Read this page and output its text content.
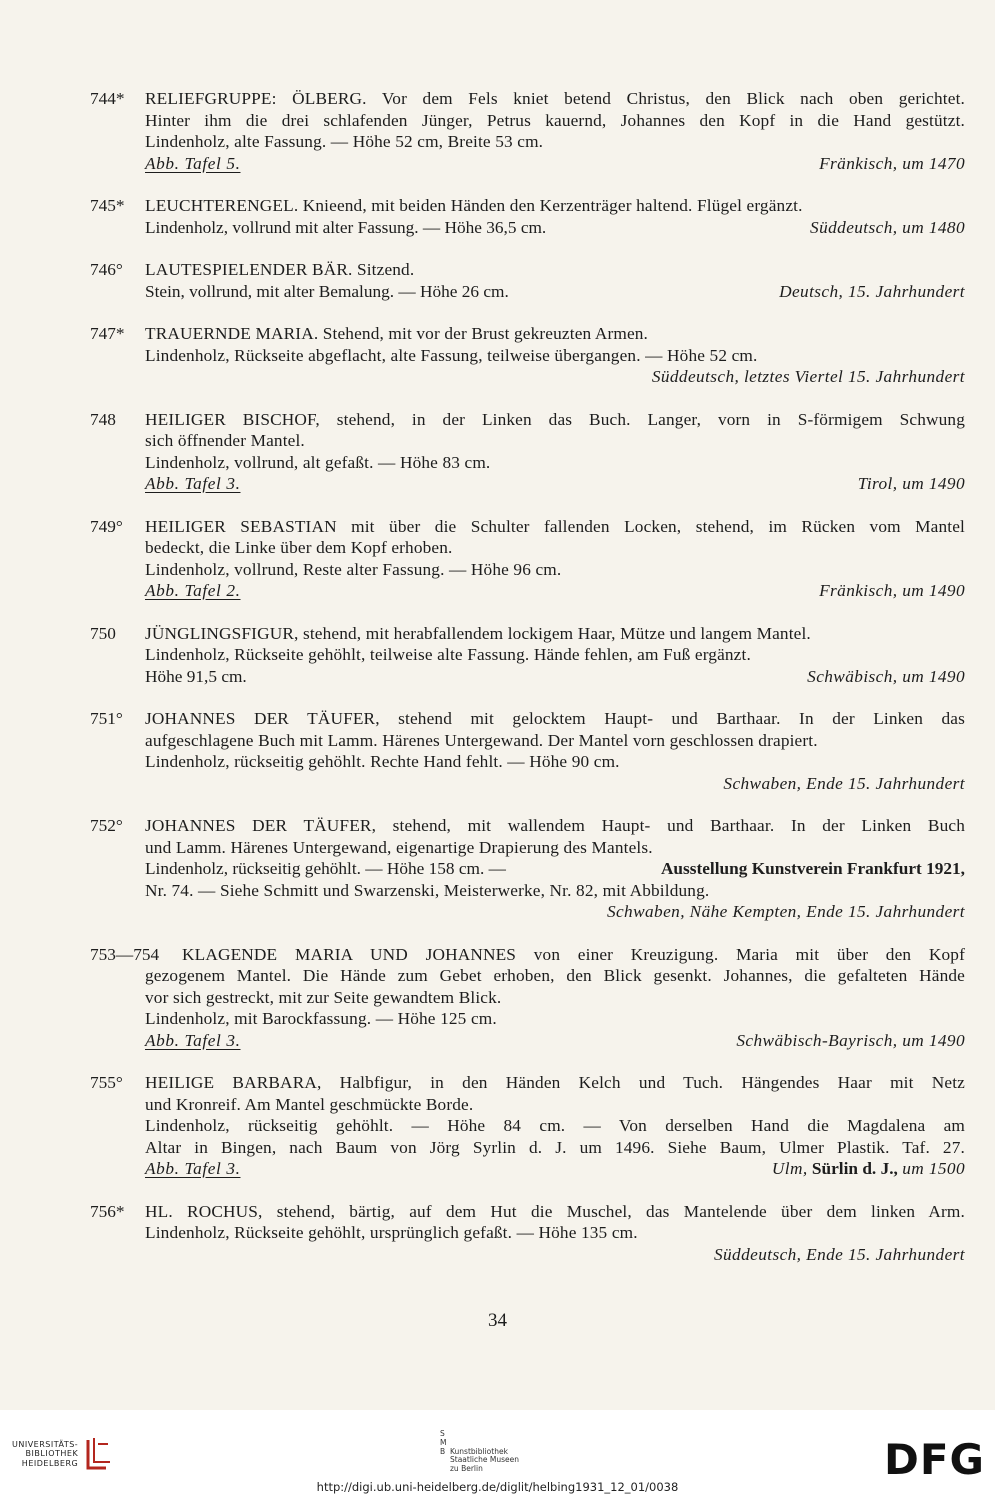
744* RELIEFGRUPPE: ÖLBERG. Vor dem Fels kniet betend Christus, den Blick nach oben gerichtet.
Hinter ihm die drei schlafenden Jünger, Petrus kauernd, Johannes den Kopf in die Hand gestützt.
Lindenholz, alte Fassung. — Höhe 52 cm, Breite 53 cm.
Abb. Tafel 5.	Fränkisch, um 1470
745* LEUCHTERENGEL. Knieend, mit beiden Händen den Kerzenträger haltend. Flügel ergänzt.
Lindenholz, vollrund mit alter Fassung. — Höhe 36,5 cm.	Süddeutsch, um 1480
746° LAUTESPIELENDER BÄR. Sitzend.
Stein, vollrund, mit alter Bemalung. — Höhe 26 cm.	Deutsch, 15. Jahrhundert
747* TRAUERNDE MARIA. Stehend, mit vor der Brust gekreuzten Armen.
Lindenholz, Rückseite abgeflacht, alte Fassung, teilweise übergangen. — Höhe 52 cm.
Süddeutsch, letztes Viertel 15. Jahrhundert
748 HEILIGER BISCHOF, stehend, in der Linken das Buch. Langer, vorn in S-förmigem Schwung
sich öffnender Mantel.
Lindenholz, vollrund, alt gefaßt. — Höhe 83 cm.
Abb. Tafel 3.	Tirol, um 1490
749° HEILIGER SEBASTIAN mit über die Schulter fallenden Locken, stehend, im Rücken vom Mantel
bedeckt, die Linke über dem Kopf erhoben.
Lindenholz, vollrund, Reste alter Fassung. — Höhe 96 cm.
Abb. Tafel 2.	Fränkisch, um 1490
750 JÜNGLINGSFIGUR, stehend, mit herabfallendem lockigem Haar, Mütze und langem Mantel.
Lindenholz, Rückseite gehöhlt, teilweise alte Fassung. Hände fehlen, am Fuß ergänzt.
Höhe 91,5 cm.	Schwäbisch, um 1490
751° JOHANNES DER TÄUFER, stehend mit gelocktem Haupt- und Barthaar. In der Linken das
aufgeschlagene Buch mit Lamm. Härenes Untergewand. Der Mantel vorn geschlossen drapiert.
Lindenholz, rückseitig gehöhlt. Rechte Hand fehlt. — Höhe 90 cm.
Schwaben, Ende 15. Jahrhundert
752° JOHANNES DER TÄUFER, stehend, mit wallendem Haupt- und Barthaar. In der Linken Buch
und Lamm. Härenes Untergewand, eigenartige Drapierung des Mantels.
Lindenholz, rückseitig gehöhlt. — Höhe 158 cm. —	Ausstellung Kunstverein Frankfurt 1921,
Nr. 74. — Siehe Schmitt und Swarzenski, Meisterwerke, Nr. 82, mit Abbildung.
Schwaben, Nähe Kempten, Ende 15. Jahrhundert
753—754 KLAGENDE MARIA UND JOHANNES von einer Kreuzigung. Maria mit über den Kopf
gezogenem Mantel. Die Hände zum Gebet erhoben, den Blick gesenkt. Johannes, die gefalteten Hände
vor sich gestreckt, mit zur Seite gewandtem Blick.
Lindenholz, mit Barockfassung. — Höhe 125 cm.
Abb. Tafel 3.	Schwäbisch-Bayrisch, um 1490
755° HEILIGE BARBARA, Halbfigur, in den Händen Kelch und Tuch. Hängendes Haar mit Netz
und Kronreif. Am Mantel geschmückte Borde.
Lindenholz, rückseitig gehöhlt. — Höhe 84 cm. — Von derselben Hand die Magdalena am
Altar in Bingen, nach Baum von Jörg Syrlin d. J. um 1496. Siehe Baum, Ulmer Plastik. Taf. 27.
Abb. Tafel 3.	Ulm, Sürlin d. J., um 1500
756* HL. ROCHUS, stehend, bärtig, auf dem Hut die Muschel, das Mantelende über dem linken Arm.
Lindenholz, Rückseite gehöhlt, ursprünglich gefaßt. — Höhe 135 cm.
Süddeutsch, Ende 15. Jahrhundert
34
UNIVERSITÄTS-
BIBLIOTHEK
HEIDELBERG
S
M
B Kunstbibliothek
Staatliche Museen
zu Berlin	DFG
http://digi.ub.uni-heidelberg.de/diglit/helbing1931_12_01/0038
